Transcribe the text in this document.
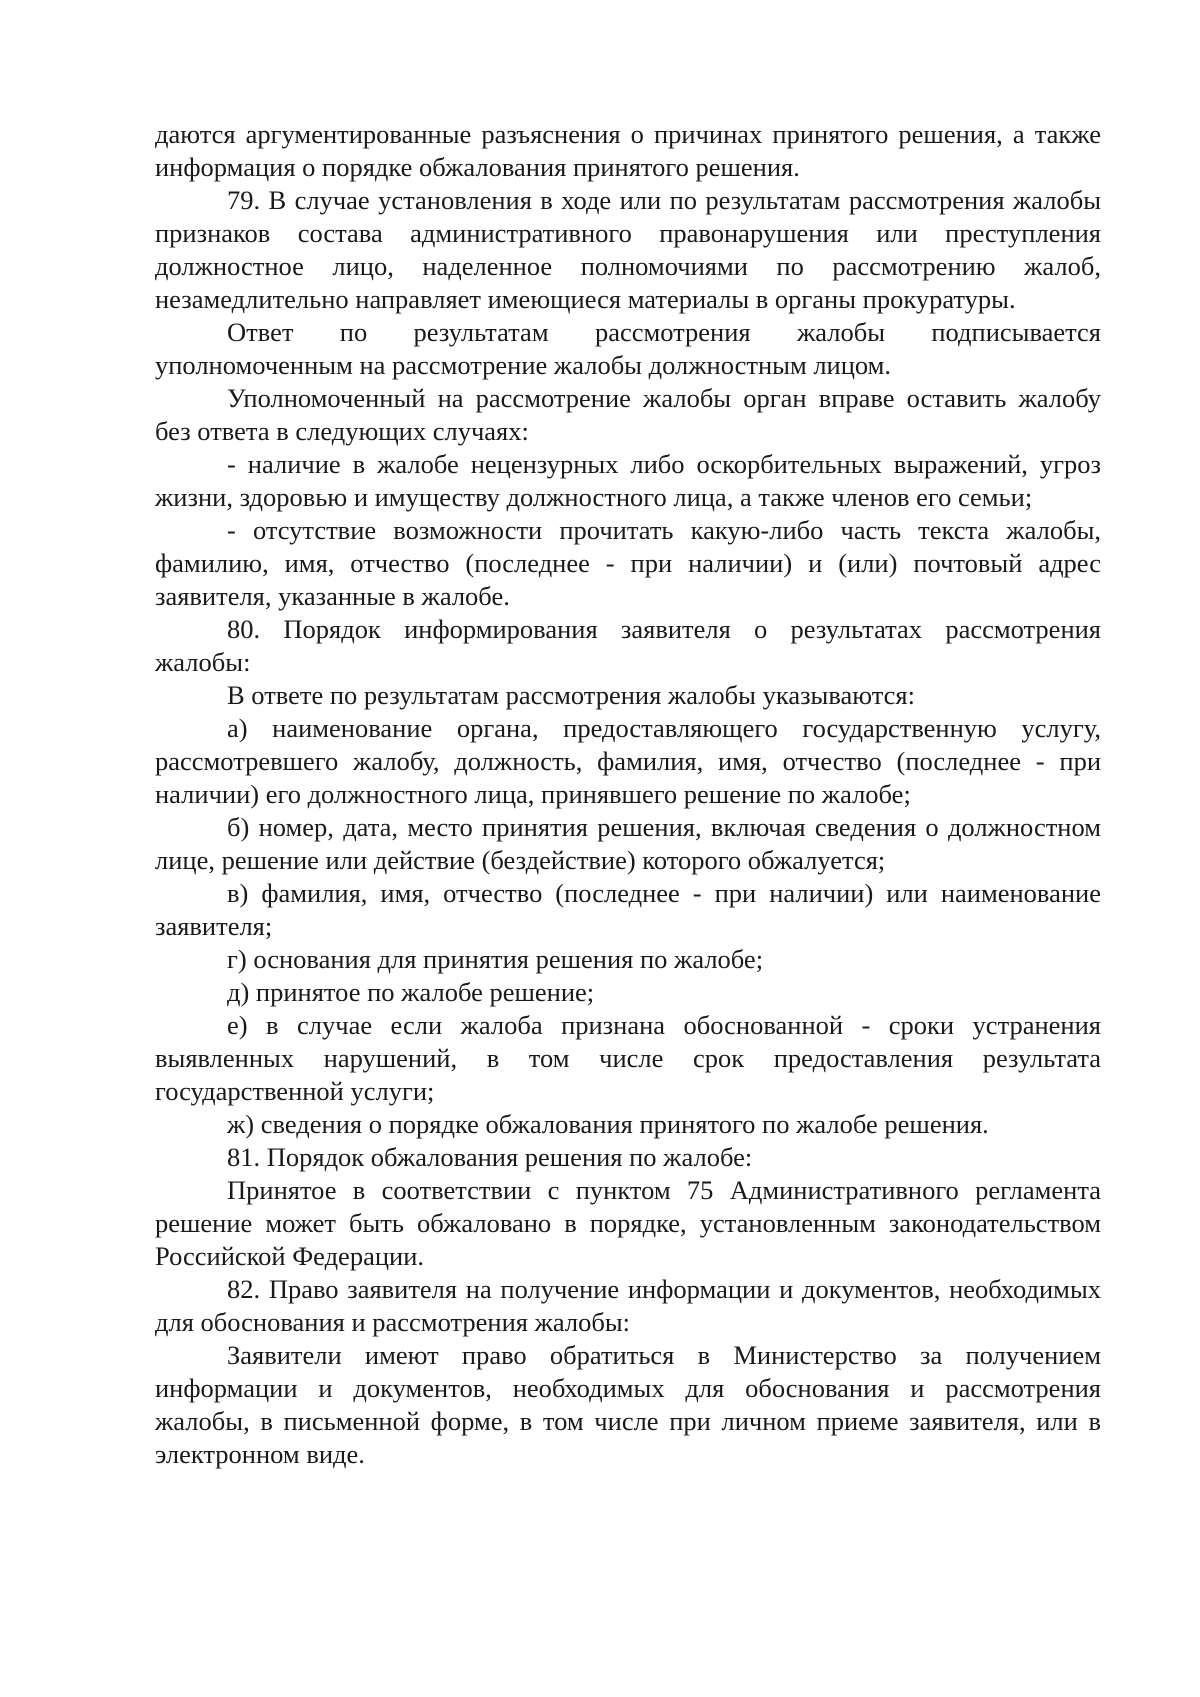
даются аргументированные разъяснения о причинах принятого решения, а также информация о порядке обжалования принятого решения.

79. В случае установления в ходе или по результатам рассмотрения жалобы признаков состава административного правонарушения или преступления должностное лицо, наделенное полномочиями по рассмотрению жалоб, незамедлительно направляет имеющиеся материалы в органы прокуратуры.

Ответ по результатам рассмотрения жалобы подписывается уполномоченным на рассмотрение жалобы должностным лицом.

Уполномоченный на рассмотрение жалобы орган вправе оставить жалобу без ответа в следующих случаях:

- наличие в жалобе нецензурных либо оскорбительных выражений, угроз жизни, здоровью и имуществу должностного лица, а также членов его семьи;

- отсутствие возможности прочитать какую-либо часть текста жалобы, фамилию, имя, отчество (последнее - при наличии) и (или) почтовый адрес заявителя, указанные в жалобе.

80. Порядок информирования заявителя о результатах рассмотрения жалобы:

В ответе по результатам рассмотрения жалобы указываются:

а) наименование органа, предоставляющего государственную услугу, рассмотревшего жалобу, должность, фамилия, имя, отчество (последнее - при наличии) его должностного лица, принявшего решение по жалобе;

б) номер, дата, место принятия решения, включая сведения о должностном лице, решение или действие (бездействие) которого обжалуется;

в) фамилия, имя, отчество (последнее - при наличии) или наименование заявителя;

г) основания для принятия решения по жалобе;

д) принятое по жалобе решение;

е) в случае если жалоба признана обоснованной - сроки устранения выявленных нарушений, в том числе срок предоставления результата государственной услуги;

ж) сведения о порядке обжалования принятого по жалобе решения.

81. Порядок обжалования решения по жалобе:

Принятое в соответствии с пунктом 75 Административного регламента решение может быть обжаловано в порядке, установленным законодательством Российской Федерации.

82. Право заявителя на получение информации и документов, необходимых для обоснования и рассмотрения жалобы:

Заявители имеют право обратиться в Министерство за получением информации и документов, необходимых для обоснования и рассмотрения жалобы, в письменной форме, в том числе при личном приеме заявителя, или в электронном виде.
